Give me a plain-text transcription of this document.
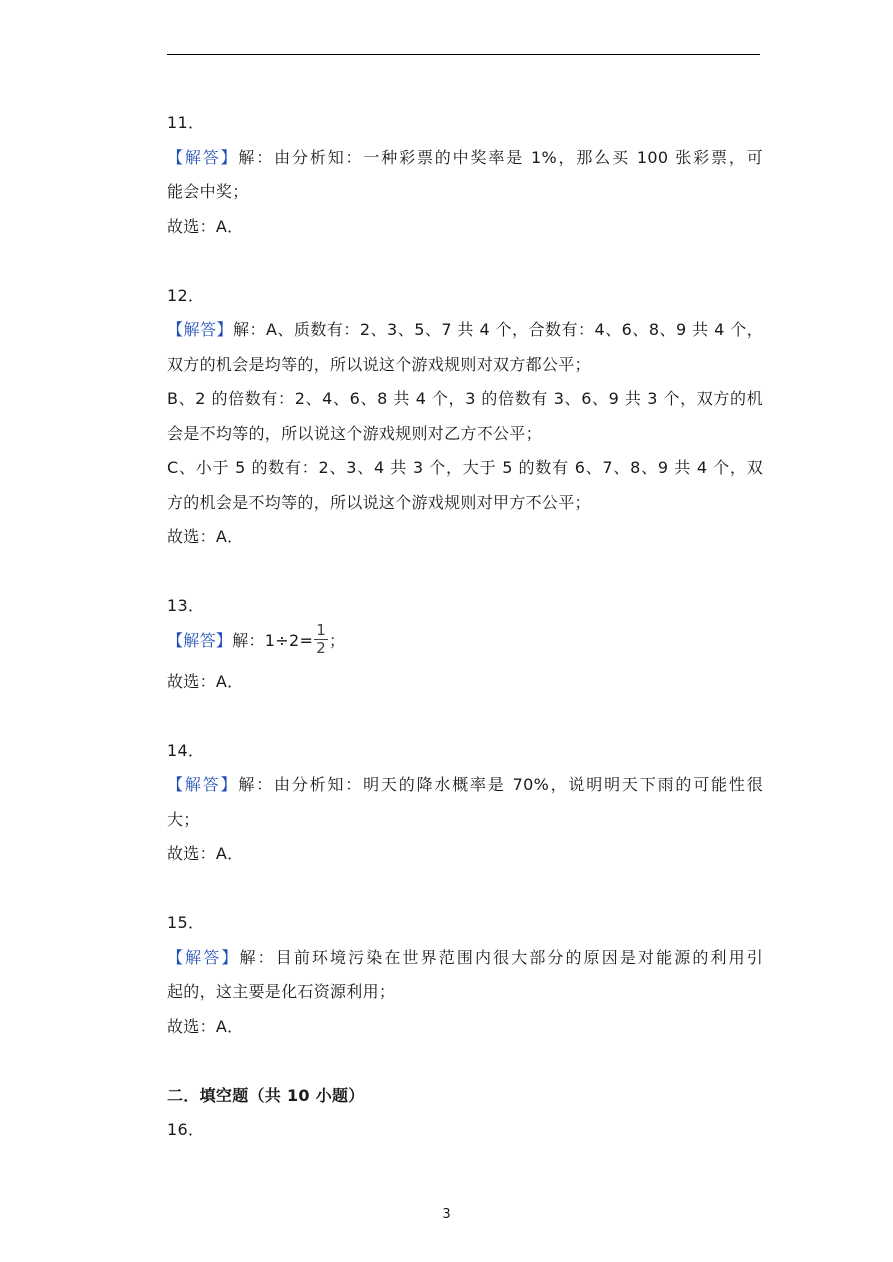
11．
【解答】解：由分析知：一种彩票的中奖率是 1%，那么买 100 张彩票，可
能会中奖；
故选：A．
12．
【解答】解：A、质数有：2、3、5、7 共 4 个，合数有：4、6、8、9 共 4 个，
双方的机会是均等的，所以说这个游戏规则对双方都公平；
B、2 的倍数有：2、4、6、8 共 4 个，3 的倍数有 3、6、9 共 3 个，双方的机
会是不均等的，所以说这个游戏规则对乙方不公平；
C、小于 5 的数有：2、3、4 共 3 个，大于 5 的数有 6、7、8、9 共 4 个，双
方的机会是不均等的，所以说这个游戏规则对甲方不公平；
故选：A．
13．
【解答】解：$1\div 2= \frac{1}{2}$ ；
故选：A．
14．
【解答】解：由分析知：明天的降水概率是 70%，说明明天下雨的可能性很
大；
故选：A．
15．
【解答】解：目前环境污染在世界范围内很大部分的原因是对能源的利用引
起的，这主要是化石资源利用；
故选：A．
二．填空题（共 10 小题）
16．
3
